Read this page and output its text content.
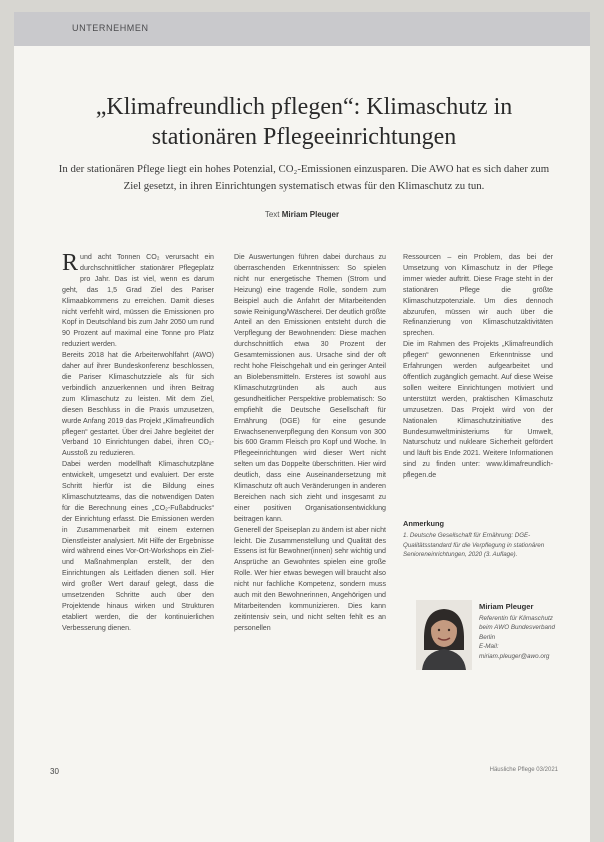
UNTERNEHMEN
„Klimafreundlich pflegen“: Klimaschutz in stationären Pflegeeinrichtungen
In der stationären Pflege liegt ein hohes Potenzial, CO₂-Emissionen einzusparen. Die AWO hat es sich daher zum Ziel gesetzt, in ihren Einrichtungen systematisch etwas für den Klimaschutz zu tun.
Text Miriam Pleuger

Rund acht Tonnen CO₂ verursacht ein durchschnittlicher stationärer Pflegeplatz pro Jahr. Das ist viel, wenn es darum geht, das 1,5 Grad Ziel des Pariser Klimaabkommens zu erreichen. Damit dieses nicht verfehlt wird, müssen die Emissionen pro Kopf in Deutschland bis zum Jahr 2050 um rund 90 Prozent auf maximal eine Tonne pro Platz reduziert werden.

Bereits 2018 hat die Arbeiterwohlfahrt (AWO) daher auf ihrer Bundeskonferenz beschlossen, die Pariser Klimaschutzziele als für sich verbindlich anzuerkennen und ihren Beitrag zum Klimaschutz zu leisten. Mit dem Ziel, diesen Beschluss in die Praxis umzusetzen, wurde Anfang 2019 das Projekt „Klimafreundlich pflegen“ gestartet. Über drei Jahre begleitet der Verband 10 Einrichtungen dabei, ihren CO₂-Ausstoß zu reduzieren.

Dabei werden modellhaft Klimaschutzpläne entwickelt, umgesetzt und evaluiert. Der erste Schritt hierfür ist die Bildung eines Klimaschutzteams, das die notwendigen Daten für die Berechnung eines „CO₂-Fußabdrucks“ der Einrichtung erfasst. Die Emissionen werden in Zusammenarbeit mit einem externen Dienstleister analysiert. Mit Hilfe der Ergebnisse wird während eines Vor-Ort-Workshops ein Ziel- und Maßnahmenplan erstellt, der den Einrichtungen als Leitfaden dienen soll. Hier wird großer Wert darauf gelegt, dass die umsetzenden Schritte auch über den Projektende hinaus wirken und Strukturen etabliert werden, die der kontinuierlichen Verbesserung dienen.

Die Auswertungen führen dabei durchaus zu überraschenden Erkenntnissen: So spielen nicht nur energetische Themen (Strom und Heizung) eine tragende Rolle, sondern zum Beispiel auch die Anfahrt der Mitarbeitenden sowie Reinigung/Wäscherei. Der deutlich größte Anteil an den Emissionen entsteht durch die Verpflegung der Bewohnenden: Diese machen durchschnittlich etwa 30 Prozent der Gesamtemissionen aus. Ursache sind der oft recht hohe Fleischgehalt und ein geringer Anteil an Biolebensmitteln. Ersteres ist sowohl aus Klimaschutzgründen als auch aus gesundheitlicher Perspektive problematisch: So empfiehlt die Deutsche Gesellschaft für Ernährung (DGE) für eine gesunde Erwachsenenverpflegung den Konsum von 300 bis 600 Gramm Fleisch pro Kopf und Woche. In Pflegeeinrichtungen wird dieser Wert nicht selten um das Doppelte überschritten. Hier wird deutlich, dass eine Auseinandersetzung mit Klimaschutz oft auch Veränderungen in anderen Bereichen nach sich zieht und insgesamt zu einer positiven Organisationsentwicklung beitragen kann.

Generell der Speiseplan zu ändern ist aber nicht leicht. Die Zusammenstellung und Qualität des Essens ist für Bewohner(innen) sehr wichtig und Ansprüche an Gewohntes spielen eine große Rolle. Wer hier etwas bewegen will braucht also nicht nur fachliche Kompetenz, sondern muss auch mit den Bewohnerinnen, Angehörigen und Mitarbeitenden kommunizieren. Dies kann zeitintensiv sein, und nicht selten fehlt es an personellen

Ressourcen – ein Problem, das bei der Umsetzung von Klimaschutz in der Pflege immer wieder auftritt. Diese Frage steht in der stationären Pflege die größte Klimaschutzpotenziale. Um dies dennoch abzurufen, müssen wir auch über die Refinanzierung von Klimaschutzaktivitäten sprechen.

Die im Rahmen des Projekts „Klimafreundlich pflegen“ gewonnenen Erkenntnisse und Erfahrungen werden aufgearbeitet und öffentlich zugänglich gemacht. Auf diese Weise sollen weitere Einrichtungen motiviert und unterstützt werden, praktischen Klimaschutz umzusetzen. Das Projekt wird von der Nationalen Klimaschutzinitiative des Bundesumweltministeriums für Umwelt, Naturschutz und nukleare Sicherheit gefördert und läuft bis Ende 2021. Weitere Informationen sind zu finden unter: www.klimafreundlich-pflegen.de

Anmerkung
1. Deutsche Gesellschaft für Ernährung: DGE-Qualitätsstandard für die Verpflegung in stationären Senioreneinrichtungen, 2020 (3. Auflage).
Miriam Pleuger
Referentin für Klimaschutz beim AWO Bundesverband
Berlin
E-Mail: miriam.pleuger@awo.org
30	Häusliche Pflege 03/2021
